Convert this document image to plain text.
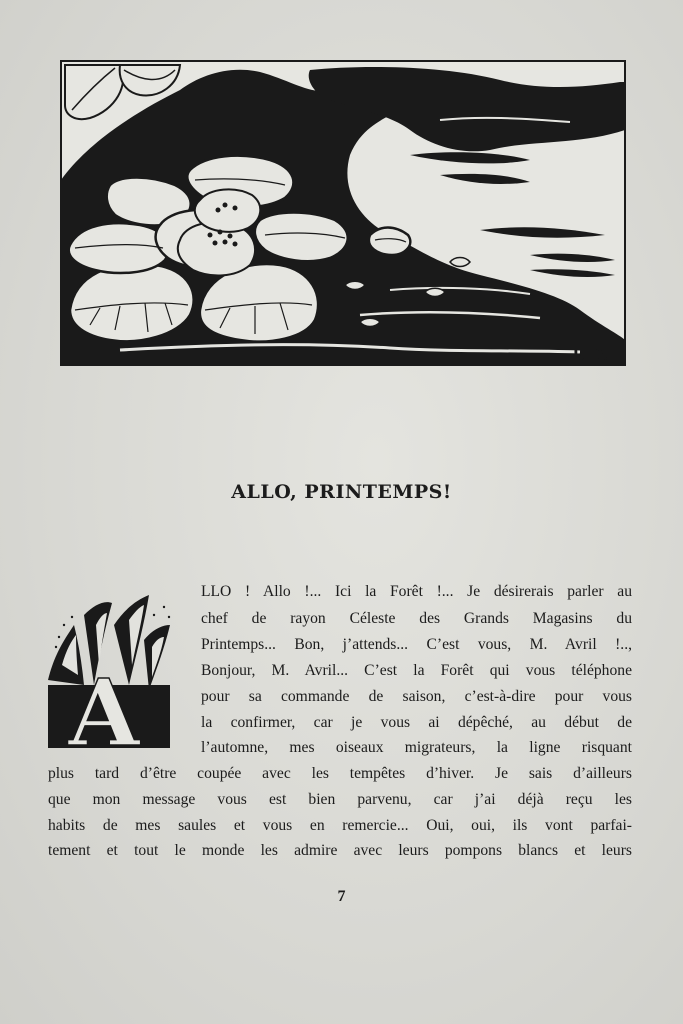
B.D.
ALLO, PRINTEMPS!
A
LLO ! Allo !... Ici la Forêt !... Je désirerais parler au
chef de rayon Céleste des Grands Magasins du
Printemps... Bon, j’attends... C’est vous, M. Avril !..,
Bonjour, M. Avril... C’est la Forêt qui vous téléphone
pour sa commande de saison, c’est-à-dire pour vous
la confirmer, car je vous ai dépêché, au début de
l’automne, mes oiseaux migrateurs, la ligne risquant
plus tard d’être coupée avec les tempêtes d’hiver. Je sais d’ailleurs
que mon message vous est bien parvenu, car j’ai déjà reçu les
habits de mes saules et vous en remercie... Oui, oui, ils vont parfai-
tement et tout le monde les admire avec leurs pompons blancs et leurs
7
